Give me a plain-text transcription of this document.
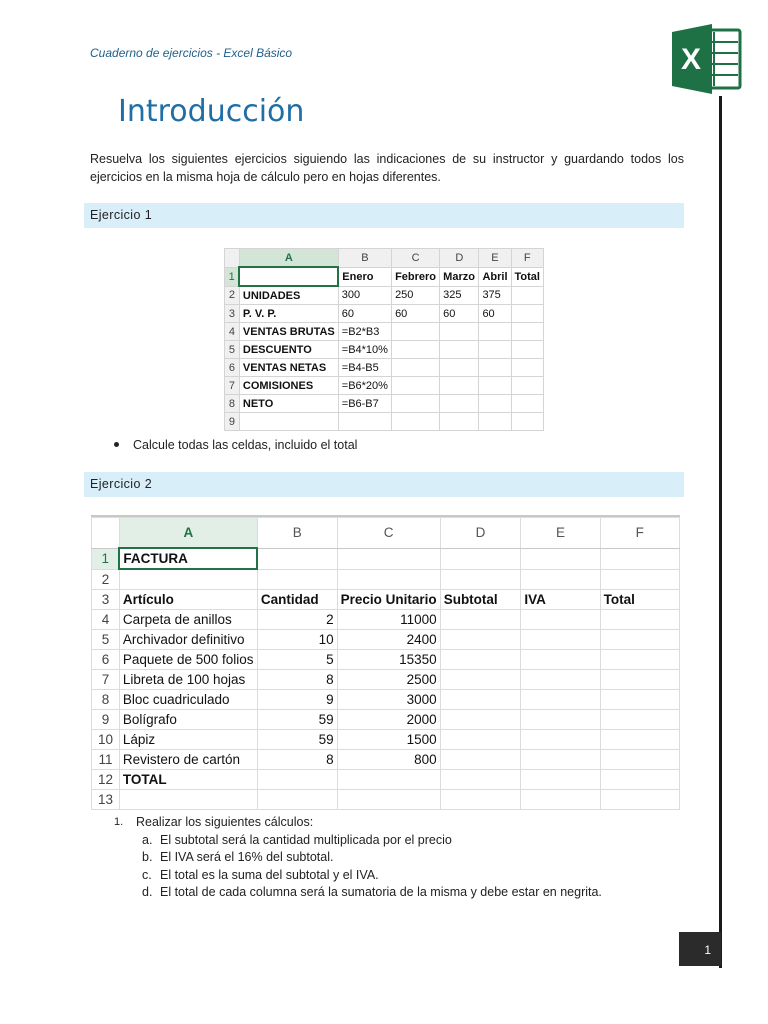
Cuaderno de ejercicios - Excel Básico	X
Introducción

Resuelva los siguientes ejercicios siguiendo las indicaciones de su instructor y guardando todos los ejercicios en la misma hoja de cálculo pero en hojas diferentes.

Ejercicio 1
	A	B	C	D	E	F
1		Enero	Febrero	Marzo	Abril	Total
2	UNIDADES	300	250	325	375	
3	P. V. P.	60	60	60	60	
4	VENTAS BRUTAS	=B2*B3				
5	DESCUENTO	=B4*10%				
6	VENTAS NETAS	=B4-B5				
7	COMISIONES	=B6*20%				
8	NETO	=B6-B7				
9						
Calcule todas las celdas, incluido el total
Ejercicio 2
	A	B	C	D	E	F
1	FACTURA					
2						
3	Artículo	Cantidad	Precio Unitario	Subtotal	IVA	Total
4	Carpeta de anillos	2	11000			
5	Archivador definitivo	10	2400			
6	Paquete de 500 folios	5	15350			
7	Libreta de 100 hojas	8	2500			
8	Bloc cuadriculado	9	3000			
9	Bolígrafo	59	2000			
10	Lápiz	59	1500			
11	Revistero de cartón	8	800			
12	TOTAL					
13						
1. Realizar los siguientes cálculos:
a. El subtotal será la cantidad multiplicada por el precio
b. El IVA será el 16% del subtotal.
c. El total es la suma del subtotal y el IVA.
d. El total de cada columna será la sumatoria de la misma y debe estar en negrita.
1
